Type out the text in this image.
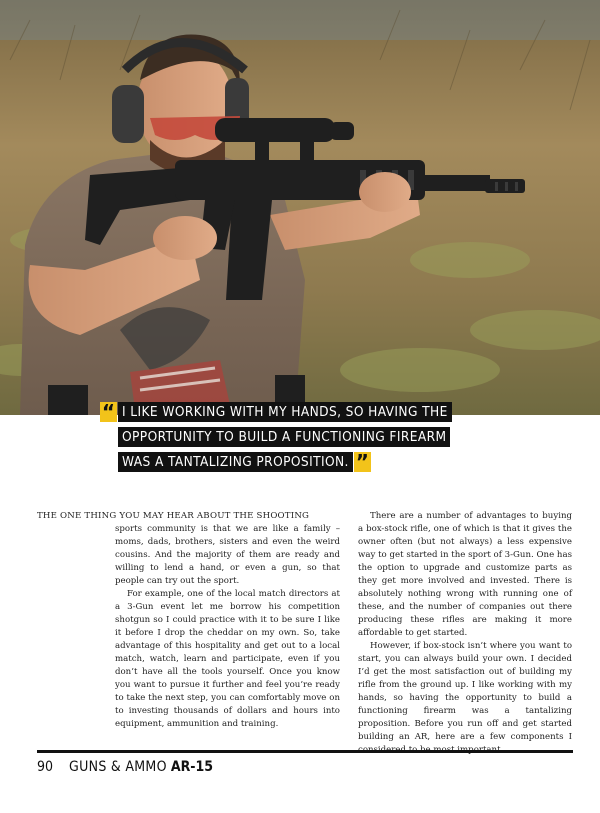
“ I LIKE WORKING WITH MY HANDS, SO HAVING THE
OPPORTUNITY TO BUILD A FUNCTIONING FIREARM
WAS A TANTALIZING PROPOSITION. ”
THE ONE THING YOU MAY HEAR ABOUT THE SHOOTING

sports community is that we are like a family – moms, dads, brothers, sisters and even the weird cousins. And the majority of them are ready and willing to lend a hand, or even a gun, so that people can try out the sport.

For example, one of the local match directors at a 3-Gun event let me borrow his competition shotgun so I could practice with it to be sure I like it before I drop the cheddar on my own. So, take advantage of this hospitality and get out to a local match, watch, learn and participate, even if you don’t have all the tools yourself. Once you know you want to pursue it further and feel you’re ready to take the next step, you can comfortably move on to investing thousands of dollars and hours into equipment, ammunition and training.

There are a number of advantages to buying a box-stock rifle, one of which is that it gives the owner often (but not always) a less expensive way to get started in the sport of 3-Gun. One has the option to upgrade and customize parts as they get more involved and invested. There is absolutely nothing wrong with running one of these, and the number of companies out there producing these rifles are making it more affordable to get started.

However, if box-stock isn’t where you want to start, you can always build your own. I decided I’d get the most satisfaction out of building my rifle from the ground up. I like working with my hands, so having the opportunity to build a functioning firearm was a tantalizing proposition. Before you run off and get started building an AR, here are a few components I

90 GUNS & AMMO AR-15
